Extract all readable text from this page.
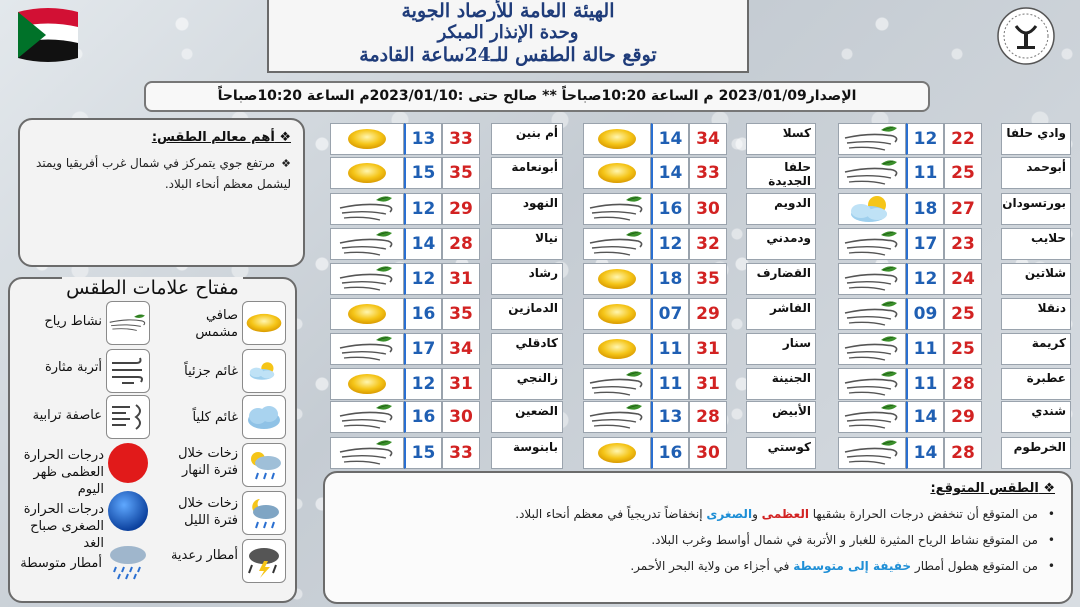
الهيئة العامة للأرصاد الجوية
وحدة الإنذار المبكر
توقع حالة الطقس للـ24ساعة القادمة
الإصدار2023/01/09 م الساعة 10:20صباحاً ** صالح حتى :2023/01/10م الساعة 10:20صباحاً
❖ أهم معالم الطقس:
❖مرتفع جوي يتمركز في شمال غرب أفريقيا ويمتد ليشمل معظم أنحاء البلاد.
مفتاح علامات الطقس
صافي مشمس
نشاط رياح
غائم جزئياً
أتربة مثارة
غائم كلياً
عاصفة ترابية
زخات خلال فترة النهار
درجات الحرارة العظمى ظهر اليوم
زخات خلال فترة الليل
درجات الحرارة الصغرى صباح الغد
أمطار رعدية
أمطار متوسطة
وادي حلفا
22
12
أبوحمد
25
11
بورتسودان
27
18
حلايب
23
17
شلاتين
24
12
دنقلا
25
09
كريمة
25
11
عطبرة
28
11
شندي
29
14
الخرطوم
28
14
كسلا
34
14
حلفا الجديدة
33
14
الدويم
30
16
ودمدني
32
12
القضارف
35
18
الفاشر
29
07
سنار
31
11
الجنينة
31
11
الأبيض
28
13
كوستي
30
16
أم بنين
33
13
أبونعامة
35
15
النهود
29
12
نيالا
28
14
رشاد
31
12
الدمازين
35
16
كادقلي
34
17
زالنجي
31
12
الضعين
30
16
بابنوسة
33
15
❖ الطقس المتوقع:
•من المتوقع أن تنخفض درجات الحرارة بشقيها العظمى والصغرى إنخفاضاً تدريجياً في معظم أنحاء البلاد.
•من المتوقع نشاط الرياح المثيرة للغبار و الأتربة في شمال أواسط وغرب البلاد.
•من المتوقع هطول أمطار خفيفة إلى متوسطة في أجزاء من ولاية البحر الأحمر.
